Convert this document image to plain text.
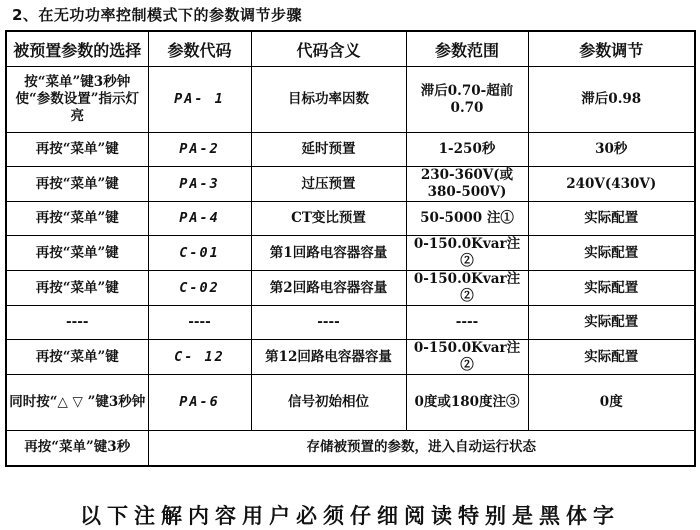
2、在无功功率控制模式下的参数调节步骤
被预置参数的选择	参数代码	代码含义	参数范围	参数调节
按“菜单”键3秒钟使“参数设置”指示灯亮	PA- 1	目标功率因数	滞后0.70-超前0.70	滞后0.98
再按“菜单”键	PA-2	延时预置	1-250秒	30秒
再按“菜单”键	PA-3	过压预置	230-360V(或380-500V)	240V(430V)
再按“菜单”键	PA-4	CT变比预置	50-5000 注①	实际配置
再按“菜单”键	C-01	第1回路电容器容量	0-150.0Kvar注②	实际配置
再按“菜单”键	C-02	第2回路电容器容量	0-150.0Kvar注②	实际配置
----	----	----	----	实际配置
再按“菜单”键	C- 12	第12回路电容器容量	0-150.0Kvar注②	实际配置
同时按“△ ▽ ”键3秒钟	PA-6	信号初始相位	0度或180度注③	0度
再按“菜单”键3秒	存储被预置的参数，进入自动运行状态			
以下注解内容用户必须仔细阅读特别是黑体字
